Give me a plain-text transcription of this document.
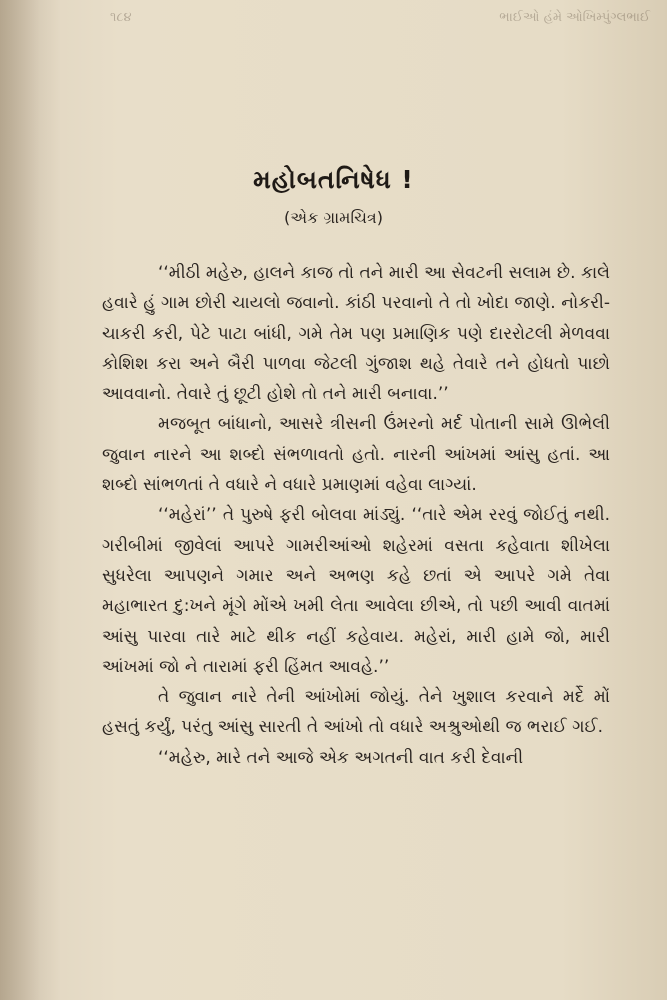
૧૮૪	ભાઈઓ હંમે ઓખિમ્પુંગ્લભાઈ
મહોબતનિષેધ !
(એક ગ્રામચિત્ર)

‘‘મીઠી મહેરુ, હાલને કાજ તો તને મારી આ સેવટની સલામ છે. કાલે હવારે હું ગામ છોરી ચાયલો જવાનો. કાંઠી પરવાનો તે તો ખોદા જાણે. નોકરી-ચાકરી કરી, પેટે પાટા બાંધી, ગમે તેમ પણ પ્રમાણિક પણે દારરોટલી મેળવવા કોશિશ કરા અને બૈરી પાળવા જેટલી ગુંજાશ થહે તેવારે તને હોધતો પાછો આવવાનો. તેવારે તું છૂટી હોશે તો તને મારી બનાવા.’’

મજબૂત બાંધાનો, આસરે ત્રીસની ઉંમરનો મર્દ પોતાની સામે ઊભેલી જુવાન નારને આ શબ્દો સંભળાવતો હતો. નારની આંખમાં આંસુ હતાં. આ શબ્દો સાંભળતાં તે વધારે ને વધારે પ્રમાણમાં વહેવા લાગ્યાં.

‘‘મહેરાં’’ તે પુરુષે ફરી બોલવા માંડ્યું. ‘‘તારે એમ રરવું જોઈતું નથી. ગરીબીમાં જીવેલાં આપરે ગામરીઆંઓ શહેરમાં વસતા કહેવાતા શીખેલા સુધરેલા આપણને ગમાર અને અભણ કહે છતાં એ આપરે ગમે તેવા મહાભારત દુ:ખને મૂંગે મોંએ ખમી લેતા આવેલા છીએ, તો પછી આવી વાતમાં આંસુ પારવા તારે માટે થીક નહીં કહેવાય. મહેરાં, મારી હામે જો, મારી આંખમાં જો ને તારામાં ફરી હિંમત આવહે.’’

તે જુવાન નારે તેની આંખોમાં જોયું. તેને ખુશાલ કરવાને મર્દે મોં હસતું કર્યું, પરંતુ આંસુ સારતી તે આંખો તો વધારે અશ્રુઓથી જ ભરાઈ ગઈ.

‘‘મહેરુ, મારે તને આજે એક અગતની વાત કરી દેવાની
